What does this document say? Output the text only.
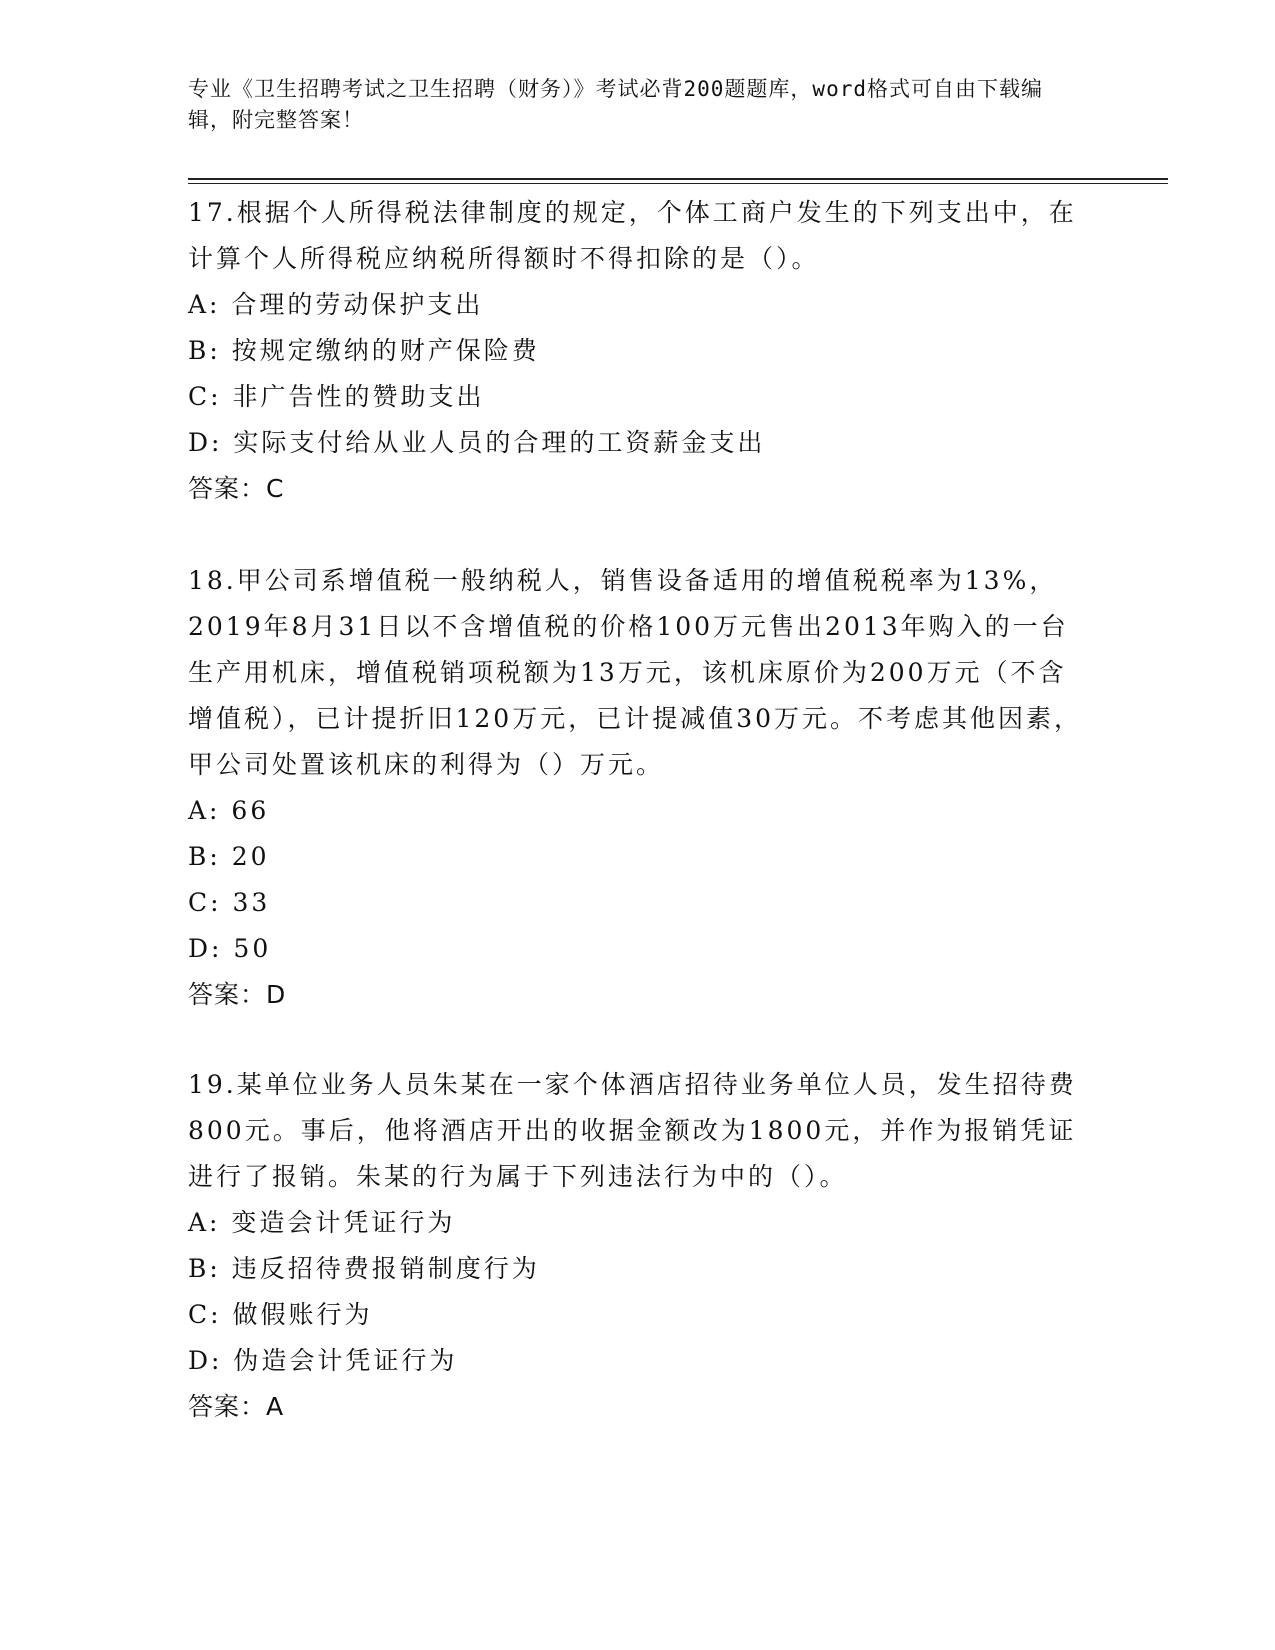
专业《卫生招聘考试之卫生招聘（财务）》考试必背200题题库，word格式可自由下载编辑，附完整答案！

17.根据个人所得税法律制度的规定，个体工商户发生的下列支出中，在计算个人所得税应纳税所得额时不得扣除的是（）。

A: 合理的劳动保护支出

B: 按规定缴纳的财产保险费

C: 非广告性的赞助支出

D: 实际支付给从业人员的合理的工资薪金支出

答案：C

18.甲公司系增值税一般纳税人，销售设备适用的增值税税率为13%，2019年8月31日以不含增值税的价格100万元售出2013年购入的一台生产用机床，增值税销项税额为13万元，该机床原价为200万元（不含增值税），已计提折旧120万元，已计提减值30万元。不考虑其他因素，甲公司处置该机床的利得为（）万元。

A: 66

B: 20

C: 33

D: 50

答案：D

19.某单位业务人员朱某在一家个体酒店招待业务单位人员，发生招待费800元。事后，他将酒店开出的收据金额改为1800元，并作为报销凭证进行了报销。朱某的行为属于下列违法行为中的（）。

A: 变造会计凭证行为

B: 违反招待费报销制度行为

C: 做假账行为

D: 伪造会计凭证行为

答案：A
